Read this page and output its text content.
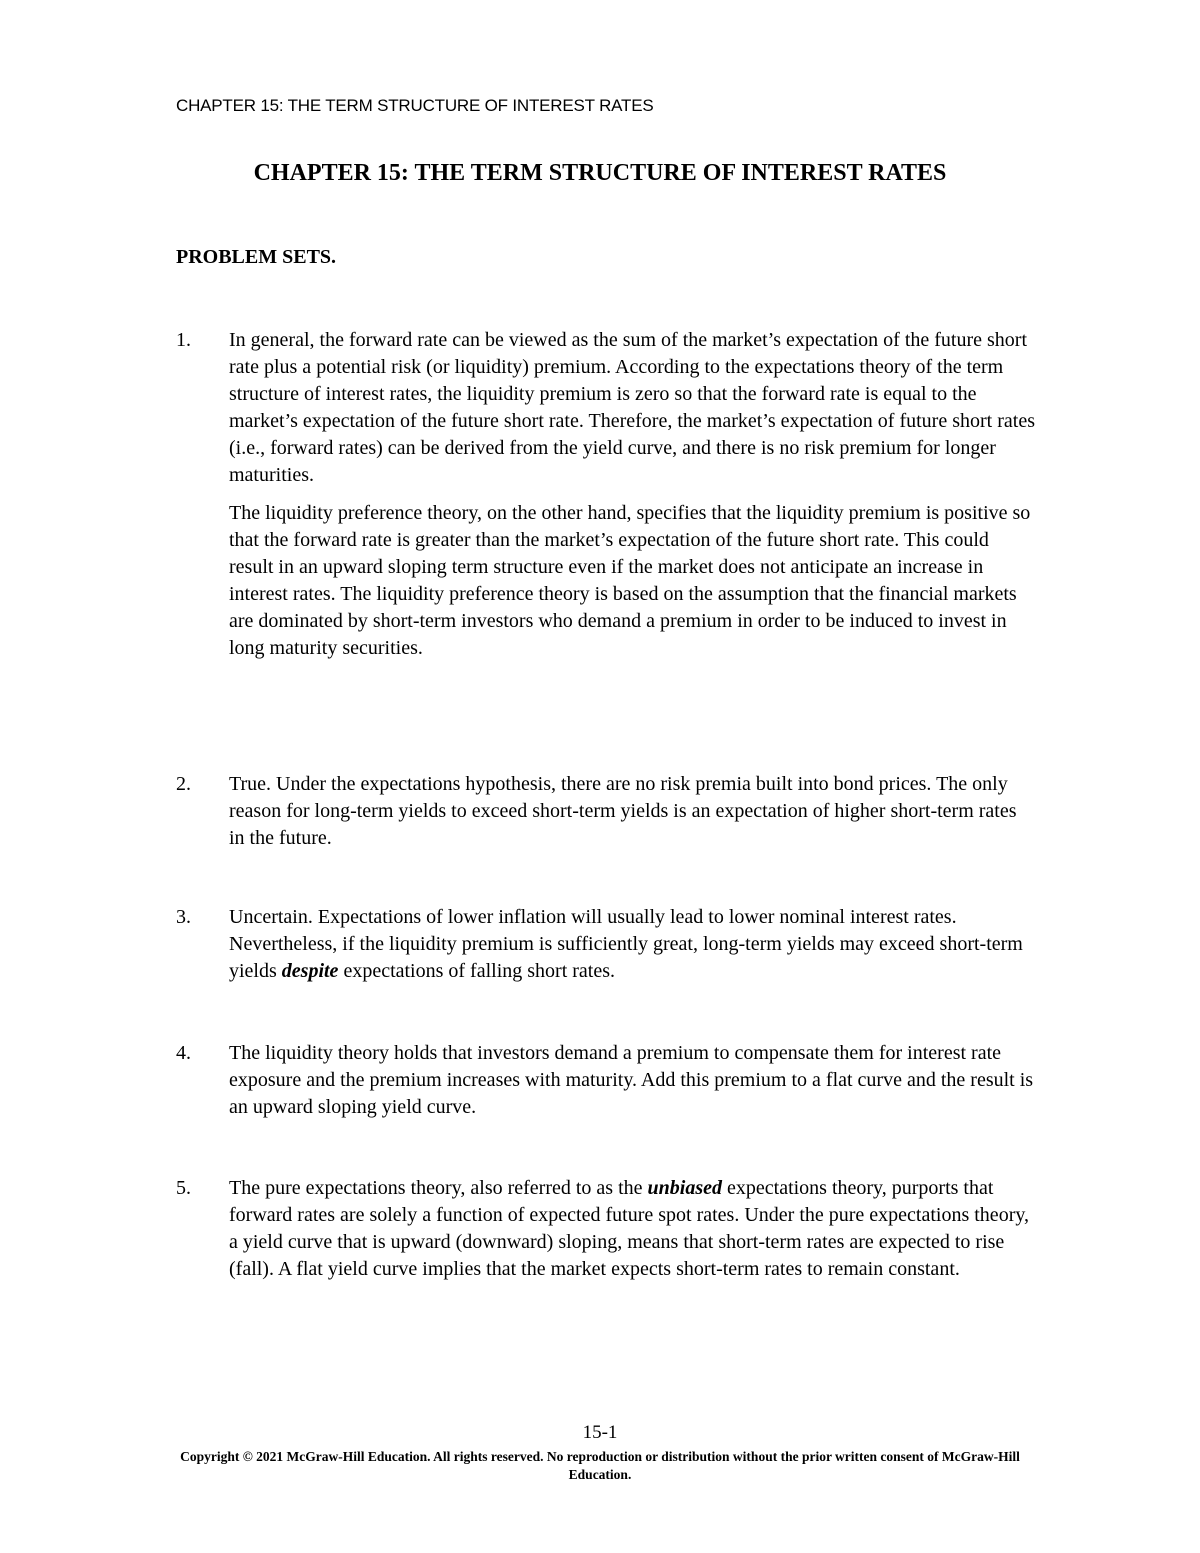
CHAPTER 15: THE TERM STRUCTURE OF INTEREST RATES
CHAPTER 15: THE TERM STRUCTURE OF INTEREST RATES
PROBLEM SETS.
1. In general, the forward rate can be viewed as the sum of the market’s expectation of the future short rate plus a potential risk (or liquidity) premium. According to the expectations theory of the term structure of interest rates, the liquidity premium is zero so that the forward rate is equal to the market’s expectation of the future short rate. Therefore, the market’s expectation of future short rates (i.e., forward rates) can be derived from the yield curve, and there is no risk premium for longer maturities.

The liquidity preference theory, on the other hand, specifies that the liquidity premium is positive so that the forward rate is greater than the market’s expectation of the future short rate. This could result in an upward sloping term structure even if the market does not anticipate an increase in interest rates. The liquidity preference theory is based on the assumption that the financial markets are dominated by short-term investors who demand a premium in order to be induced to invest in long maturity securities.

2. True. Under the expectations hypothesis, there are no risk premia built into bond prices. The only reason for long-term yields to exceed short-term yields is an expectation of higher short-term rates in the future.

3. Uncertain. Expectations of lower inflation will usually lead to lower nominal interest rates. Nevertheless, if the liquidity premium is sufficiently great, long-term yields may exceed short-term yields despite expectations of falling short rates.

4. The liquidity theory holds that investors demand a premium to compensate them for interest rate exposure and the premium increases with maturity. Add this premium to a flat curve and the result is an upward sloping yield curve.

5. The pure expectations theory, also referred to as the unbiased expectations theory, purports that forward rates are solely a function of expected future spot rates. Under the pure expectations theory, a yield curve that is upward (downward) sloping, means that short-term rates are expected to rise (fall). A flat yield curve implies that the market expects short-term rates to remain constant.

15-1
Copyright © 2021 McGraw-Hill Education. All rights reserved. No reproduction or distribution without the prior written consent of McGraw-Hill Education.
